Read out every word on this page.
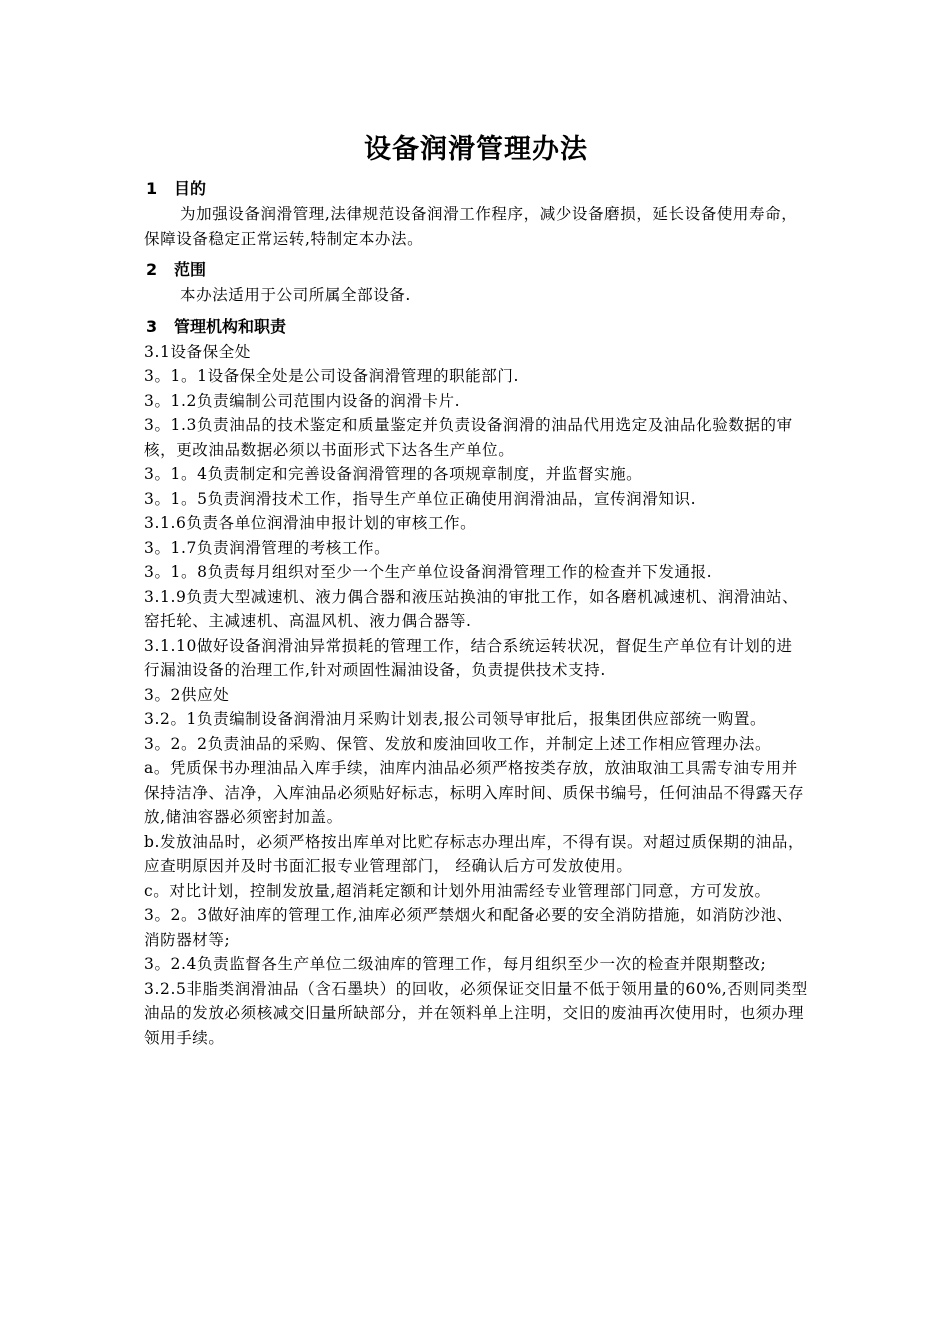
设备润滑管理办法
1 目的

为加强设备润滑管理,法律规范设备润滑工作程序，减少设备磨损，延长设备使用寿命，保障设备稳定正常运转,特制定本办法。

2 范围

本办法适用于公司所属全部设备.

3 管理机构和职责

3.1设备保全处

3。1。1设备保全处是公司设备润滑管理的职能部门.

3。1.2负责编制公司范围内设备的润滑卡片.

3。1.3负责油品的技术鉴定和质量鉴定并负责设备润滑的油品代用选定及油品化验数据的审核，更改油品数据必须以书面形式下达各生产单位。

3。1。4负责制定和完善设备润滑管理的各项规章制度，并监督实施。

3。1。5负责润滑技术工作，指导生产单位正确使用润滑油品，宣传润滑知识.

3.1.6负责各单位润滑油申报计划的审核工作。

3。1.7负责润滑管理的考核工作。

3。1。8负责每月组织对至少一个生产单位设备润滑管理工作的检查并下发通报.

3.1.9负责大型减速机、液力偶合器和液压站换油的审批工作，如各磨机减速机、润滑油站、窑托轮、主减速机、高温风机、液力偶合器等.

3.1.10做好设备润滑油异常损耗的管理工作，结合系统运转状况，督促生产单位有计划的进行漏油设备的治理工作,针对顽固性漏油设备，负责提供技术支持.

3。2供应处

3.2。1负责编制设备润滑油月采购计划表,报公司领导审批后，报集团供应部统一购置。

3。2。2负责油品的采购、保管、发放和废油回收工作，并制定上述工作相应管理办法。

a。凭质保书办理油品入库手续，油库内油品必须严格按类存放，放油取油工具需专油专用并保持洁净、洁净，入库油品必须贴好标志，标明入库时间、质保书编号，任何油品不得露天存放,储油容器必须密封加盖。

b.发放油品时，必须严格按出库单对比贮存标志办理出库，不得有误。对超过质保期的油品，应查明原因并及时书面汇报专业管理部门， 经确认后方可发放使用。

c。对比计划，控制发放量,超消耗定额和计划外用油需经专业管理部门同意，方可发放。

3。2。3做好油库的管理工作,油库必须严禁烟火和配备必要的安全消防措施，如消防沙池、消防器材等;

3。2.4负责监督各生产单位二级油库的管理工作，每月组织至少一次的检查并限期整改;

3.2.5非脂类润滑油品（含石墨块）的回收，必须保证交旧量不低于领用量的60%,否则同类型油品的发放必须核减交旧量所缺部分，并在领料单上注明，交旧的废油再次使用时，也须办理领用手续。
